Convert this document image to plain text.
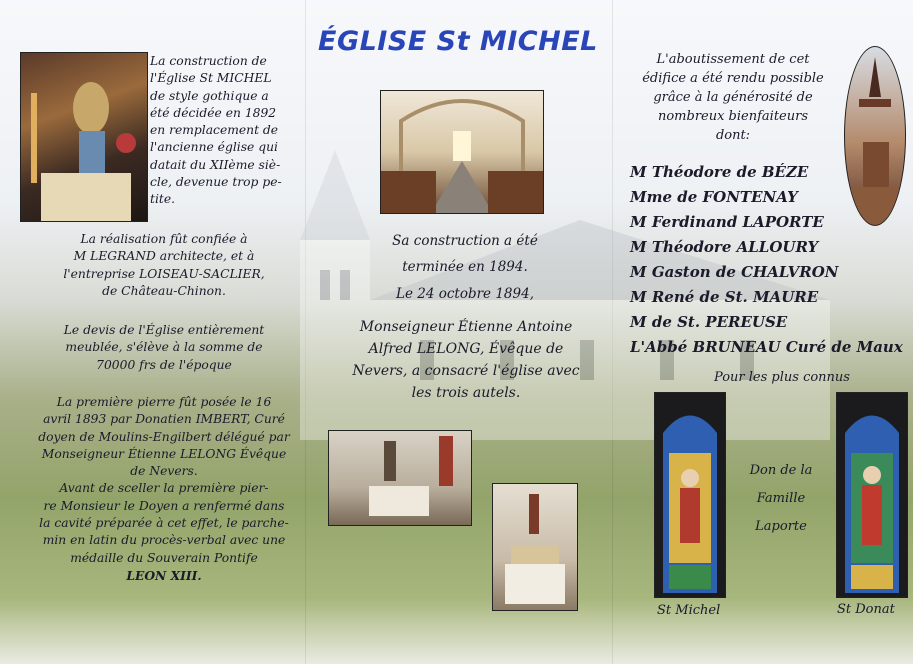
La construction de
l'Église St MICHEL
de style gothique a
été décidée en 1892
en remplacement de
l'ancienne église qui
datait du XIIème siè-
cle, devenue trop pe-
tite.
La réalisation fût confiée à
M LEGRAND architecte, et à
l'entreprise LOISEAU-SACLIER,
de Château-Chinon.
Le devis de l'Église entièrement
meublée, s'élève à la somme de
70000 frs de l'époque
La première pierre fût posée le 16
avril 1893 par Donatien IMBERT, Curé
doyen de Moulins-Engilbert délégué par
Monseigneur Étienne LELONG Évêque
de Nevers.
Avant de sceller la première pier-
re Monsieur le Doyen a renfermé dans
la cavité préparée à cet effet, le parche-
min en latin du procès-verbal avec une
médaille du Souverain Pontife
LEON XIII.
ÉGLISE St MICHEL
Sa construction a été
terminée en 1894.
Le 24 octobre 1894,
Monseigneur Étienne Antoine
Alfred LELONG, Évêque de
Nevers, a consacré l'église avec
les trois autels.
L'aboutissement de cet
édifice a été rendu possible
grâce à la générosité de
nombreux bienfaiteurs
dont:
M Théodore de BÉZE
Mme de FONTENAY
M Ferdinand LAPORTE
M Théodore ALLOURY
M Gaston de CHALVRON
M René de St. MAURE
M de St. PEREUSE
L'Abbé BRUNEAU Curé de Maux
Pour les plus connus
Don de la
Famille
Laporte
St Michel	St Donat
